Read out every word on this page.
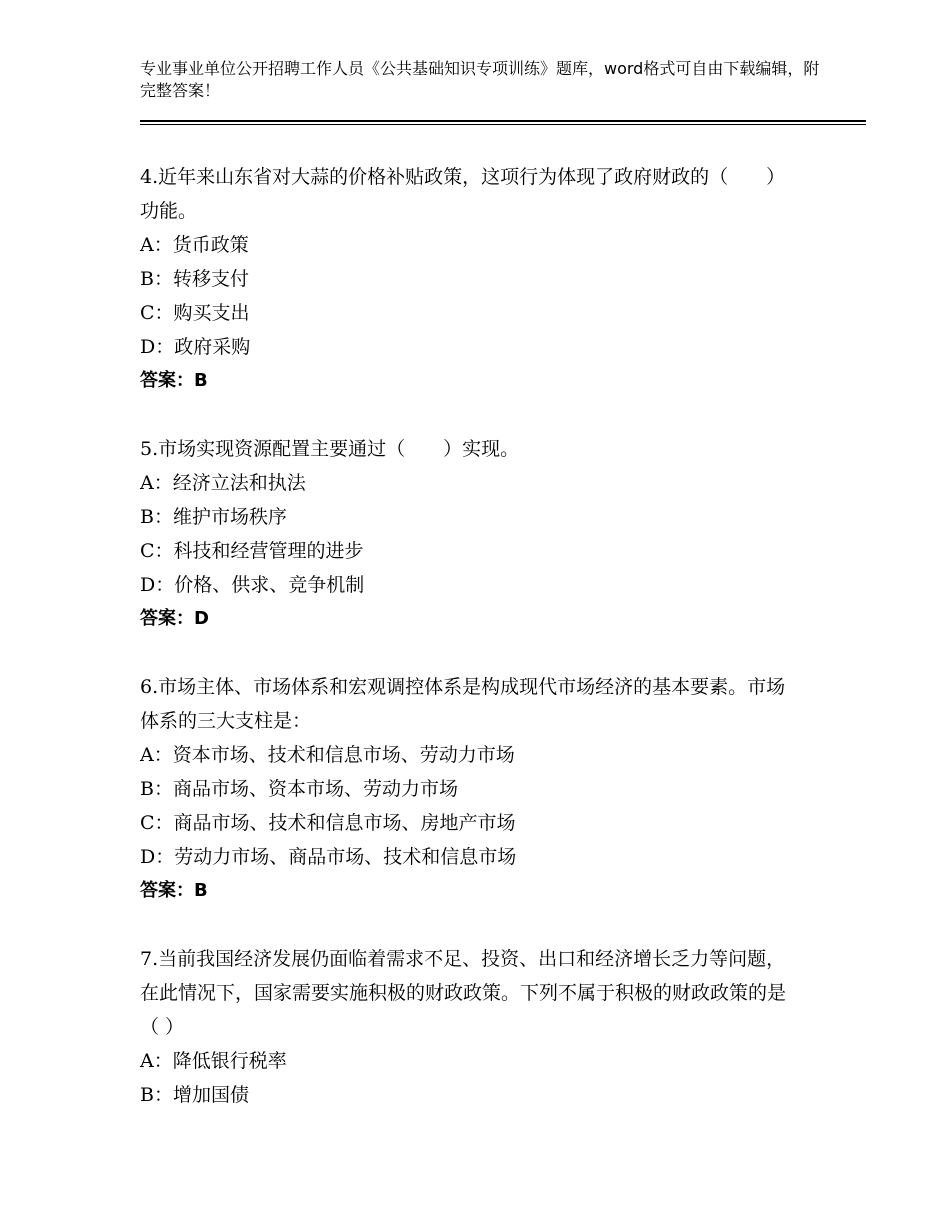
专业事业单位公开招聘工作人员《公共基础知识专项训练》题库，word格式可自由下载编辑，附完整答案！
4.近年来山东省对大蒜的价格补贴政策，这项行为体现了政府财政的（　　）功能。
A：货币政策
B：转移支付
C：购买支出
D：政府采购
答案：B
5.市场实现资源配置主要通过（　　）实现。
A：经济立法和执法
B：维护市场秩序
C：科技和经营管理的进步
D：价格、供求、竞争机制
答案：D
6.市场主体、市场体系和宏观调控体系是构成现代市场经济的基本要素。市场体系的三大支柱是：
A：资本市场、技术和信息市场、劳动力市场
B：商品市场、资本市场、劳动力市场
C：商品市场、技术和信息市场、房地产市场
D：劳动力市场、商品市场、技术和信息市场
答案：B
7.当前我国经济发展仍面临着需求不足、投资、出口和经济增长乏力等问题，在此情况下，国家需要实施积极的财政政策。下列不属于积极的财政政策的是（ ）
A：降低银行税率
B：增加国债
